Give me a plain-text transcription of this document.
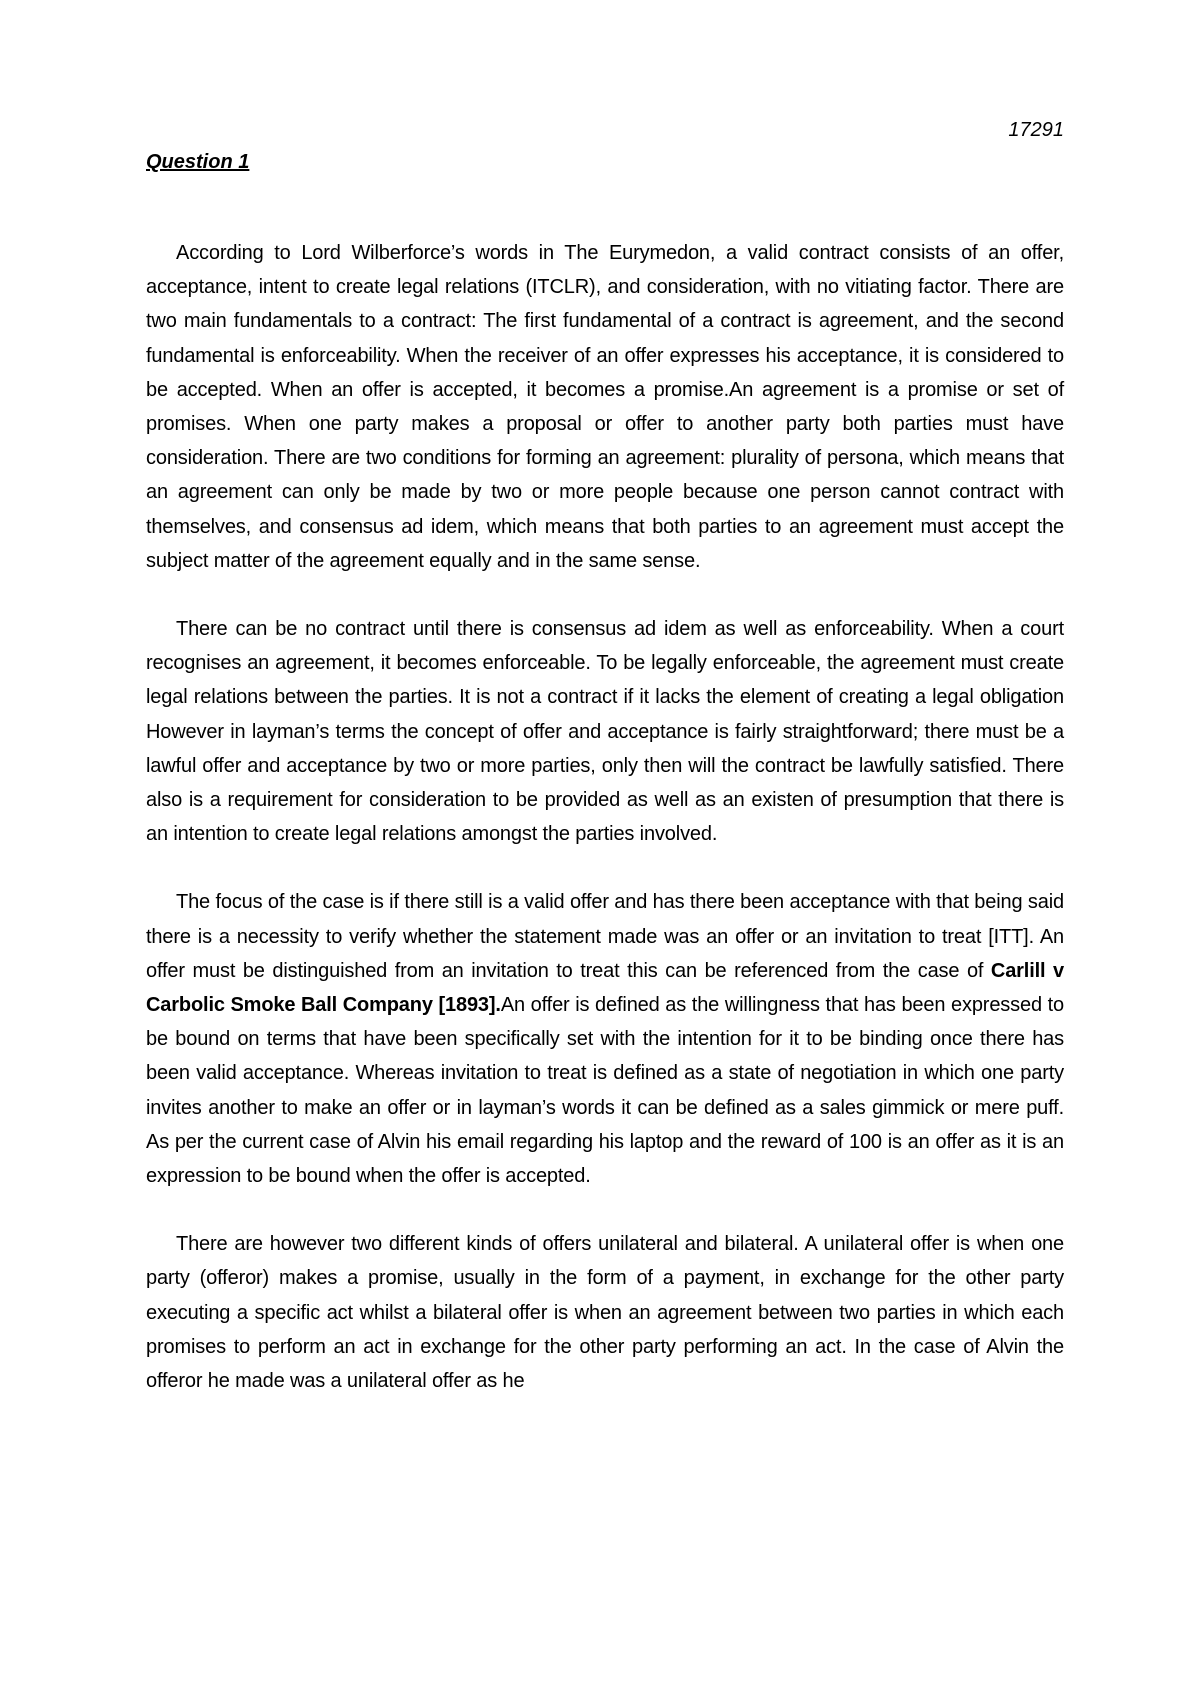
17291

Question 1

According to Lord Wilberforce’s words in The Eurymedon, a valid contract consists of an offer, acceptance, intent to create legal relations (ITCLR), and consideration, with no vitiating factor. There are two main fundamentals to a contract: The first fundamental of a contract is agreement, and the second fundamental is enforceability. When the receiver of an offer expresses his acceptance, it is considered to be accepted. When an offer is accepted, it becomes a promise.An agreement is a promise or set of promises. When one party makes a proposal or offer to another party both parties must have consideration. There are two conditions for forming an agreement: plurality of persona, which means that an agreement can only be made by two or more people because one person cannot contract with themselves, and consensus ad idem, which means that both parties to an agreement must accept the subject matter of the agreement equally and in the same sense.

There can be no contract until there is consensus ad idem as well as enforceability. When a court recognises an agreement, it becomes enforceable. To be legally enforceable, the agreement must create legal relations between the parties. It is not a contract if it lacks the element of creating a legal obligation However in layman’s terms the concept of offer and acceptance is fairly straightforward; there must be a lawful offer and acceptance by two or more parties, only then will the contract be lawfully satisfied. There also is a requirement for consideration to be provided as well as an existen of presumption that there is an intention to create legal relations amongst the parties involved.

The focus of the case is if there still is a valid offer and has there been acceptance with that being said there is a necessity to verify whether the statement made was an offer or an invitation to treat [ITT]. An offer must be distinguished from an invitation to treat this can be referenced from the case of Carlill v Carbolic Smoke Ball Company [1893].An offer is defined as the willingness that has been expressed to be bound on terms that have been specifically set with the intention for it to be binding once there has been valid acceptance. Whereas invitation to treat is defined as a state of negotiation in which one party invites another to make an offer or in layman’s words it can be defined as a sales gimmick or mere puff. As per the current case of Alvin his email regarding his laptop and the reward of 100 is an offer as it is an expression to be bound when the offer is accepted.

There are however two different kinds of offers unilateral and bilateral. A unilateral offer is when one party (offeror) makes a promise, usually in the form of a payment, in exchange for the other party executing a specific act whilst a bilateral offer is when an agreement between two parties in which each promises to perform an act in exchange for the other party performing an act. In the case of Alvin the offeror he made was a unilateral offer as he
